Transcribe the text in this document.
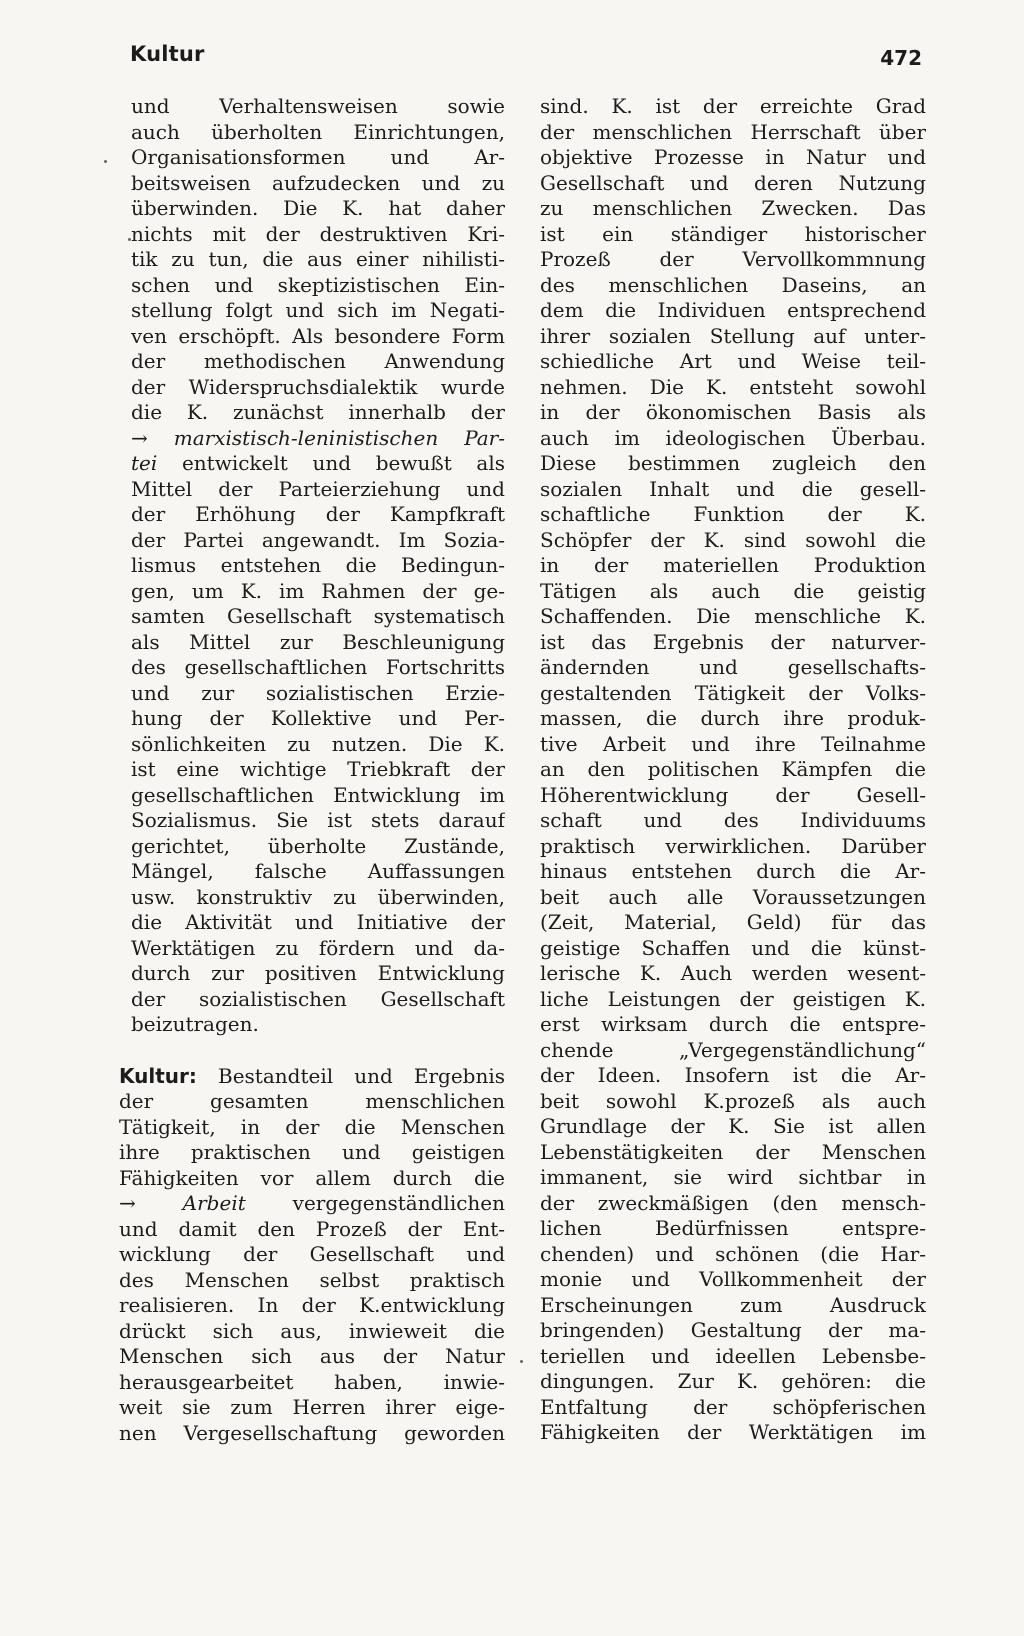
Kultur	472
und Verhaltensweisen sowie
auch überholten Einrichtungen,
Organisationsformen und Ar-
beitsweisen aufzudecken und zu
überwinden. Die K. hat daher
nichts mit der destruktiven Kri-
tik zu tun, die aus einer nihilisti-
schen und skeptizistischen Ein-
stellung folgt und sich im Negati-
ven erschöpft. Als besondere Form
der methodischen Anwendung
der Widerspruchsdialektik wurde
die K. zunächst innerhalb der
→ marxistisch-leninistischen Par-
tei entwickelt und bewußt als
Mittel der Parteierziehung und
der Erhöhung der Kampfkraft
der Partei angewandt. Im Sozia-
lismus entstehen die Bedingun-
gen, um K. im Rahmen der ge-
samten Gesellschaft systematisch
als Mittel zur Beschleunigung
des gesellschaftlichen Fortschritts
und zur sozialistischen Erzie-
hung der Kollektive und Per-
sönlichkeiten zu nutzen. Die K.
ist eine wichtige Triebkraft der
gesellschaftlichen Entwicklung im
Sozialismus. Sie ist stets darauf
gerichtet, überholte Zustände,
Mängel, falsche Auffassungen
usw. konstruktiv zu überwinden,
die Aktivität und Initiative der
Werktätigen zu fördern und da-
durch zur positiven Entwicklung
der sozialistischen Gesellschaft
beizutragen.
Kultur: Bestandteil und Ergebnis
der gesamten menschlichen
Tätigkeit, in der die Menschen
ihre praktischen und geistigen
Fähigkeiten vor allem durch die
→ Arbeit vergegenständlichen
und damit den Prozeß der Ent-
wicklung der Gesellschaft und
des Menschen selbst praktisch
realisieren. In der K.entwicklung
drückt sich aus, inwieweit die
Menschen sich aus der Natur
herausgearbeitet haben, inwie-
weit sie zum Herren ihrer eige-
nen Vergesellschaftung geworden
sind. K. ist der erreichte Grad
der menschlichen Herrschaft über
objektive Prozesse in Natur und
Gesellschaft und deren Nutzung
zu menschlichen Zwecken. Das
ist ein ständiger historischer
Prozeß der Vervollkommnung
des menschlichen Daseins, an
dem die Individuen entsprechend
ihrer sozialen Stellung auf unter-
schiedliche Art und Weise teil-
nehmen. Die K. entsteht sowohl
in der ökonomischen Basis als
auch im ideologischen Überbau.
Diese bestimmen zugleich den
sozialen Inhalt und die gesell-
schaftliche Funktion der K.
Schöpfer der K. sind sowohl die
in der materiellen Produktion
Tätigen als auch die geistig
Schaffenden. Die menschliche K.
ist das Ergebnis der naturver-
ändernden und gesellschafts-
gestaltenden Tätigkeit der Volks-
massen, die durch ihre produk-
tive Arbeit und ihre Teilnahme
an den politischen Kämpfen die
Höherentwicklung der Gesell-
schaft und des Individuums
praktisch verwirklichen. Darüber
hinaus entstehen durch die Ar-
beit auch alle Voraussetzungen
(Zeit, Material, Geld) für das
geistige Schaffen und die künst-
lerische K. Auch werden wesent-
liche Leistungen der geistigen K.
erst wirksam durch die entspre-
chende „Vergegenständlichung“
der Ideen. Insofern ist die Ar-
beit sowohl K.prozeß als auch
Grundlage der K. Sie ist allen
Lebenstätigkeiten der Menschen
immanent, sie wird sichtbar in
der zweckmäßigen (den mensch-
lichen Bedürfnissen entspre-
chenden) und schönen (die Har-
monie und Vollkommenheit der
Erscheinungen zum Ausdruck
bringenden) Gestaltung der ma-
teriellen und ideellen Lebensbe-
dingungen. Zur K. gehören: die
Entfaltung der schöpferischen
Fähigkeiten der Werktätigen im
